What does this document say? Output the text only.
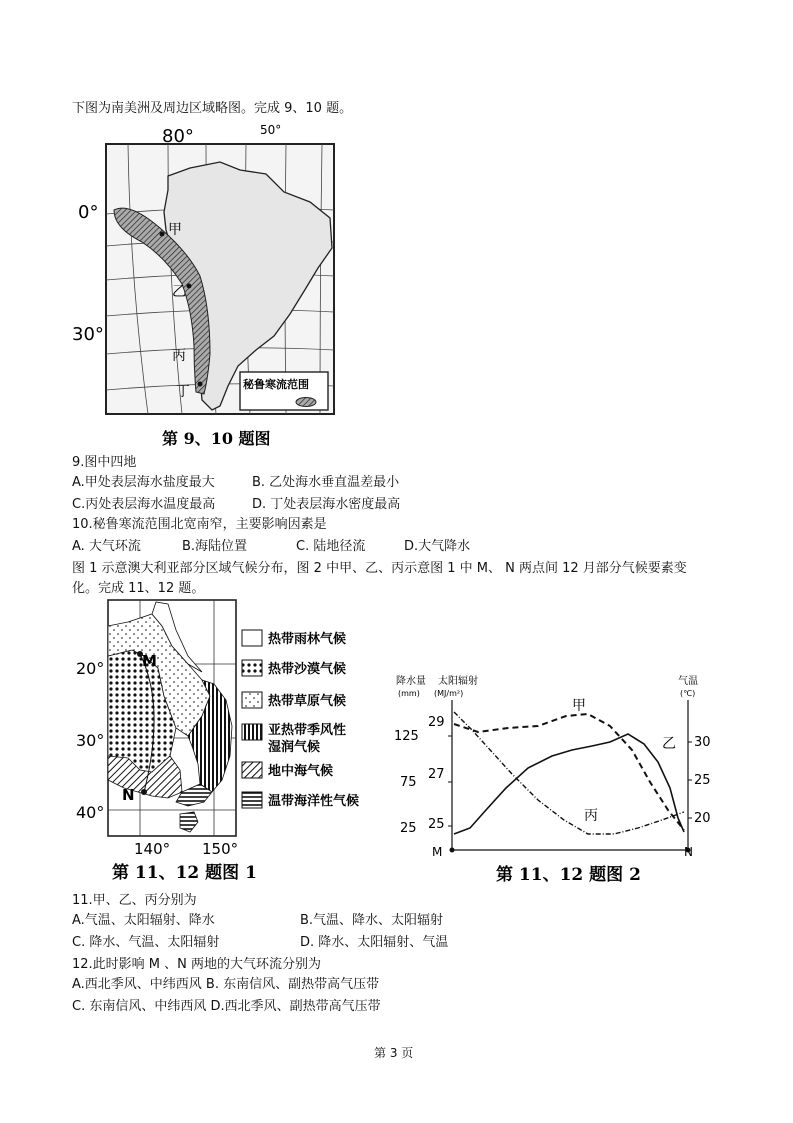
下图为南美洲及周边区域略图。完成 9、10 题。
80°	50°
0°
30°
甲
乙
丙
丁	秘鲁寒流范围
第 9、10 题图
9.图中四地
A.甲处表层海水盐度最大	B. 乙处海水垂直温差最小
C.丙处表层海水温度最高	D. 丁处表层海水密度最高
10.秘鲁寒流范围北宽南窄，主要影响因素是
A. 大气环流	B.海陆位置	C. 陆地径流	D.大气降水
图 1 示意澳大利亚部分区域气候分布，图 2 中甲、乙、丙示意图 1 中 M、 N 两点间 12 月部分气候要素变
化。完成 11、12 题。
M
N
20°
30°
40°
140° 150°
热带雨林气候
热带沙漠气候
热带草原气候
亚热带季风性
湿润气候
地中海气候
温带海洋性气候
第 11、12 题图 1
甲
乙
丙
降水量
(mm)
太阳辐射
(MJ/m²)
气温
(℃)
125
75
25
29
27
25
30
25
20
M	N
第 11、12 题图 2
11.甲、乙、丙分别为
A.气温、太阳辐射、降水	B.气温、降水、太阳辐射
C. 降水、气温、太阳辐射	D. 降水、太阳辐射、气温
12.此时影响 M 、N 两地的大气环流分别为
A.西北季风、中纬西风 B. 东南信风、副热带高气压带
C. 东南信风、中纬西风 D.西北季风、副热带高气压带
第 3 页
